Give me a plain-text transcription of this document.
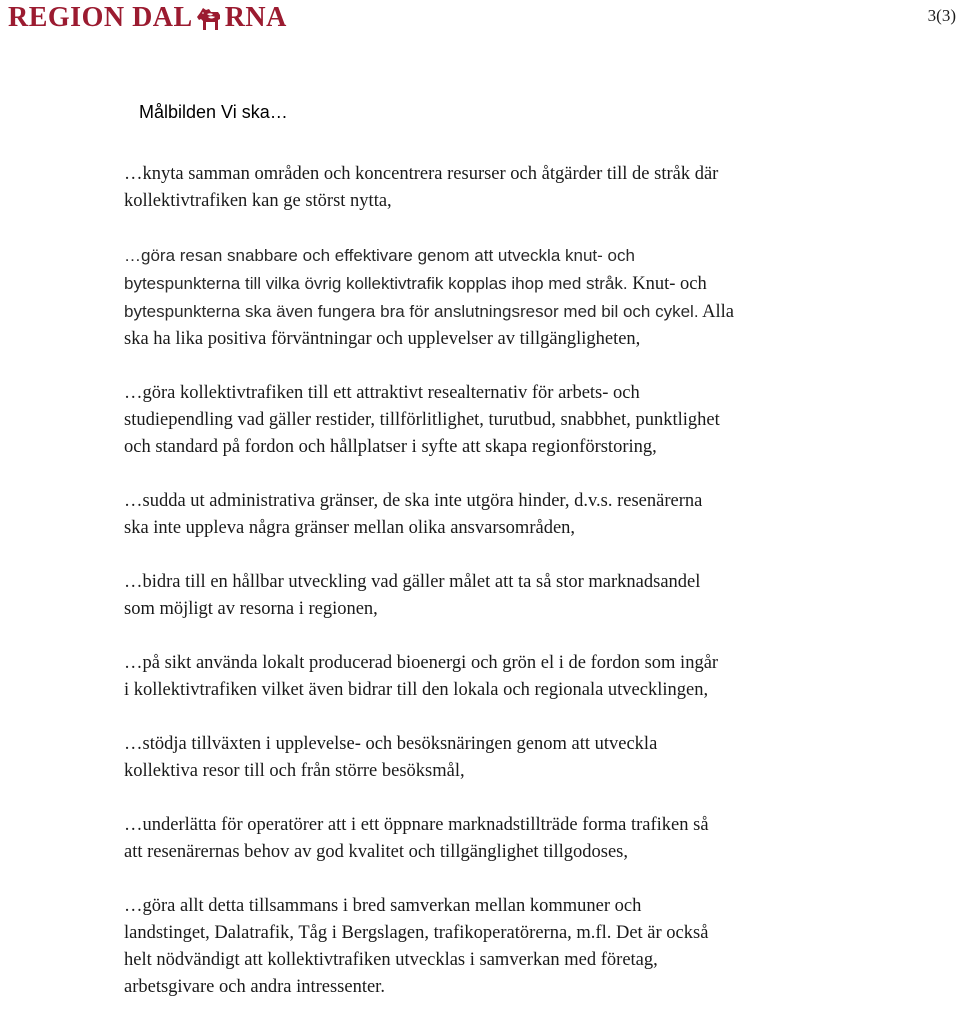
REGION DAL RNA	3(3)
Målbilden Vi ska…
…knyta samman områden och koncentrera resurser och åtgärder till de stråk där
kollektivtrafiken kan ge störst nytta,
…göra resan snabbare och effektivare genom att utveckla knut- och
bytespunkterna till vilka övrig kollektivtrafik kopplas ihop med stråk. Knut- och
bytespunkterna ska även fungera bra för anslutningsresor med bil och cykel. Alla
ska ha lika positiva förväntningar och upplevelser av tillgängligheten,
…göra kollektivtrafiken till ett attraktivt resealternativ för arbets- och
studiependling vad gäller restider, tillförlitlighet, turutbud, snabbhet, punktlighet
och standard på fordon och hållplatser i syfte att skapa regionförstoring,
…sudda ut administrativa gränser, de ska inte utgöra hinder, d.v.s. resenärerna
ska inte uppleva några gränser mellan olika ansvarsområden,
…bidra till en hållbar utveckling vad gäller målet att ta så stor marknadsandel
som möjligt av resorna i regionen,
…på sikt använda lokalt producerad bioenergi och grön el i de fordon som ingår
i kollektivtrafiken vilket även bidrar till den lokala och regionala utvecklingen,
…stödja tillväxten i upplevelse- och besöksnäringen genom att utveckla
kollektiva resor till och från större besöksmål,
…underlätta för operatörer att i ett öppnare marknadstillträde forma trafiken så
att resenärernas behov av god kvalitet och tillgänglighet tillgodoses,
…göra allt detta tillsammans i bred samverkan mellan kommuner och
landstinget, Dalatrafik, Tåg i Bergslagen, trafikoperatörerna, m.fl. Det är också
helt nödvändigt att kollektivtrafiken utvecklas i samverkan med företag,
arbetsgivare och andra intressenter.
